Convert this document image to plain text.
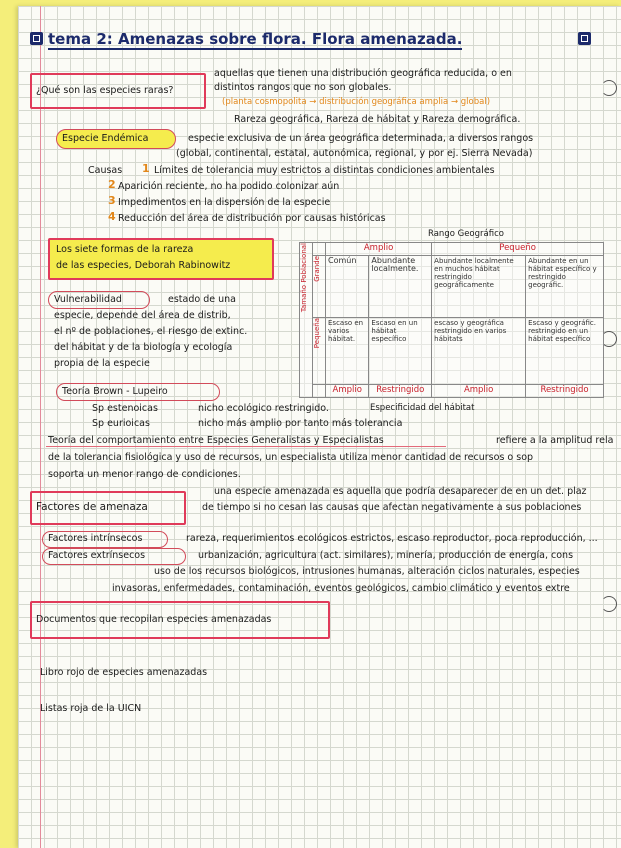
tema 2: Amenazas sobre flora. Flora amenazada.
¿Qué son las especies raras?
aquellas que tienen una distribución geográfica reducida, o en
distintos rangos que no son globales.
(planta cosmopolita → distribución geográfica amplia → global)
Rareza geográfica, Rareza de hábitat y Rareza demográfica.
Especie Endémica	especie exclusiva de un área geográfica determinada, a diversos rangos
(global, continental, estatal, autonómica, regional, y por ej. Sierra Nevada)
Causas 1 Límites de tolerancia muy estrictos a distintas condiciones ambientales
2 Aparición reciente, no ha podido colonizar aún
3 Impedimentos en la dispersión de la especie
4 Reducción del área de distribución por causas históricas
Los siete formas de la rareza
de las especies, Deborah Rabinowitz
Vulnerabilidad	estado de una
especie, depende del área de distrib,
el nº de poblaciones, el riesgo de extinc.
del hábitat y de la biología y ecología
propia de la especie
Rango Geográfico
Tamaño Poblacional		Amplio		Pequeño	

	Grande	Común	Abundante localmente.	Abundante localmente en muchos hábitat restringido geográficamente	Abundante en un hábitat específico y restringido geográfic.

	Pequeña	Escaso en varios hábitat.	Escaso en un hábitat específico	escaso y geográfica restringido en varios hábitats	Escaso y geográfic. restringido en un hábitat específico
		Amplio	Restringido	Amplio	Restringido
Teoría Brown - Lupeiro
Sp estenoicas	nicho ecológico restringido.	Especificidad del hábitat
Sp eurioicas	nicho más amplio por tanto más tolerancia
Teoría del comportamiento entre Especies Generalistas y Especialistas	refiere a la amplitud rela
de la tolerancia fisiológica y uso de recursos, un especialista utiliza menor cantidad de recursos o sop
soporta un menor rango de condiciones.
Factores de amenaza
una especie amenazada es aquella que podría desaparecer de en un det. plaz
de tiempo si no cesan las causas que afectan negativamente a sus poblaciones
Factores intrínsecos	rareza, requerimientos ecológicos estrictos, escaso reproductor, poca reproducción, ...
Factores extrínsecos	urbanización, agricultura (act. similares), minería, producción de energía, cons
uso de los recursos biológicos, intrusiones humanas, alteración ciclos naturales, especies
invasoras, enfermedades, contaminación, eventos geológicos, cambio climático y eventos extre
Documentos que recopilan especies amenazadas
Libro rojo de especies amenazadas
Listas roja de la UICN
